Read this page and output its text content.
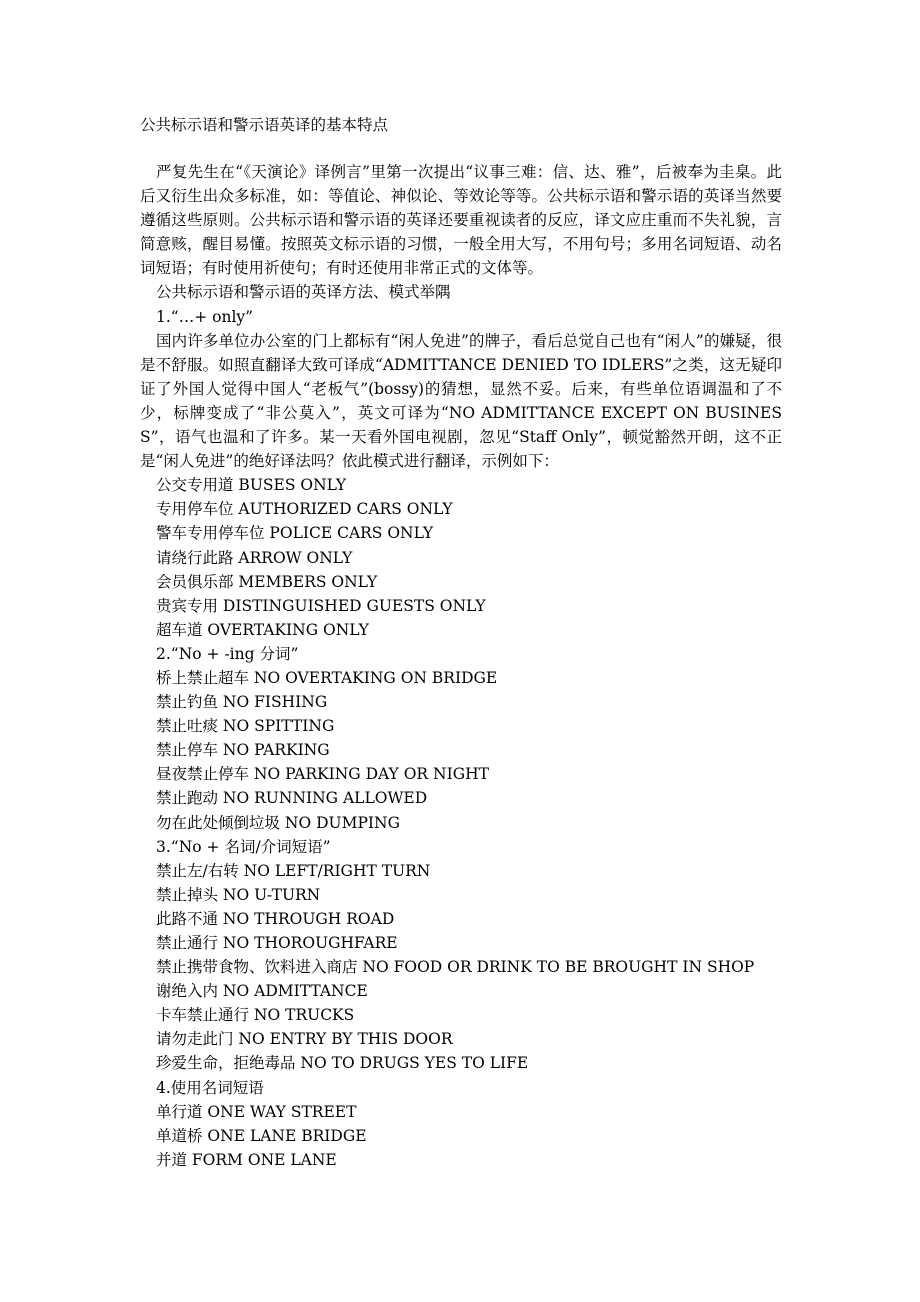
公共标示语和警示语英译的基本特点

严复先生在“《天演论》译例言”里第一次提出“议事三难：信、达、雅”，后被奉为圭臬。此后又衍生出众多标准，如：等值论、神似论、等效论等等。公共标示语和警示语的英译当然要遵循这些原则。公共标示语和警示语的英译还要重视读者的反应，译文应庄重而不失礼貌，言简意赅，醒目易懂。按照英文标示语的习惯，一般全用大写，不用句号；多用名词短语、动名词短语；有时使用祈使句；有时还使用非常正式的文体等。

公共标示语和警示语的英译方法、模式举隅
1.“…+ only”

国内许多单位办公室的门上都标有“闲人免进”的牌子，看后总觉自己也有“闲人”的嫌疑，很是不舒服。如照直翻译大致可译成“ADMITTANCE DENIED TO IDLERS”之类，这无疑印证了外国人觉得中国人“老板气”(bossy)的猜想，显然不妥。后来，有些单位语调温和了不少，标牌变成了“非公莫入”，英文可译为“NO ADMITTANCE EXCEPT ON BUSINESS”，语气也温和了许多。某一天看外国电视剧，忽见“Staff Only”，顿觉豁然开朗，这不正是“闲人免进”的绝好译法吗？依此模式进行翻译，示例如下：

公交专用道 BUSES ONLY
专用停车位 AUTHORIZED CARS ONLY
警车专用停车位 POLICE CARS ONLY
请绕行此路 ARROW ONLY
会员俱乐部 MEMBERS ONLY
贵宾专用 DISTINGUISHED GUESTS ONLY
超车道 OVERTAKING ONLY
2.“No + -ing 分词”
桥上禁止超车 NO OVERTAKING ON BRIDGE
禁止钓鱼 NO FISHING
禁止吐痰 NO SPITTING
禁止停车 NO PARKING
昼夜禁止停车 NO PARKING DAY OR NIGHT
禁止跑动 NO RUNNING ALLOWED
勿在此处倾倒垃圾 NO DUMPING
3.“No + 名词/介词短语”
禁止左/右转 NO LEFT/RIGHT TURN
禁止掉头 NO U-TURN
此路不通 NO THROUGH ROAD
禁止通行 NO THOROUGHFARE
禁止携带食物、饮料进入商店 NO FOOD OR DRINK TO BE BROUGHT IN SHOP
谢绝入内 NO ADMITTANCE
卡车禁止通行 NO TRUCKS
请勿走此门 NO ENTRY BY THIS DOOR
珍爱生命，拒绝毒品 NO TO DRUGS YES TO LIFE
4.使用名词短语
单行道 ONE WAY STREET
单道桥 ONE LANE BRIDGE
并道 FORM ONE LANE
